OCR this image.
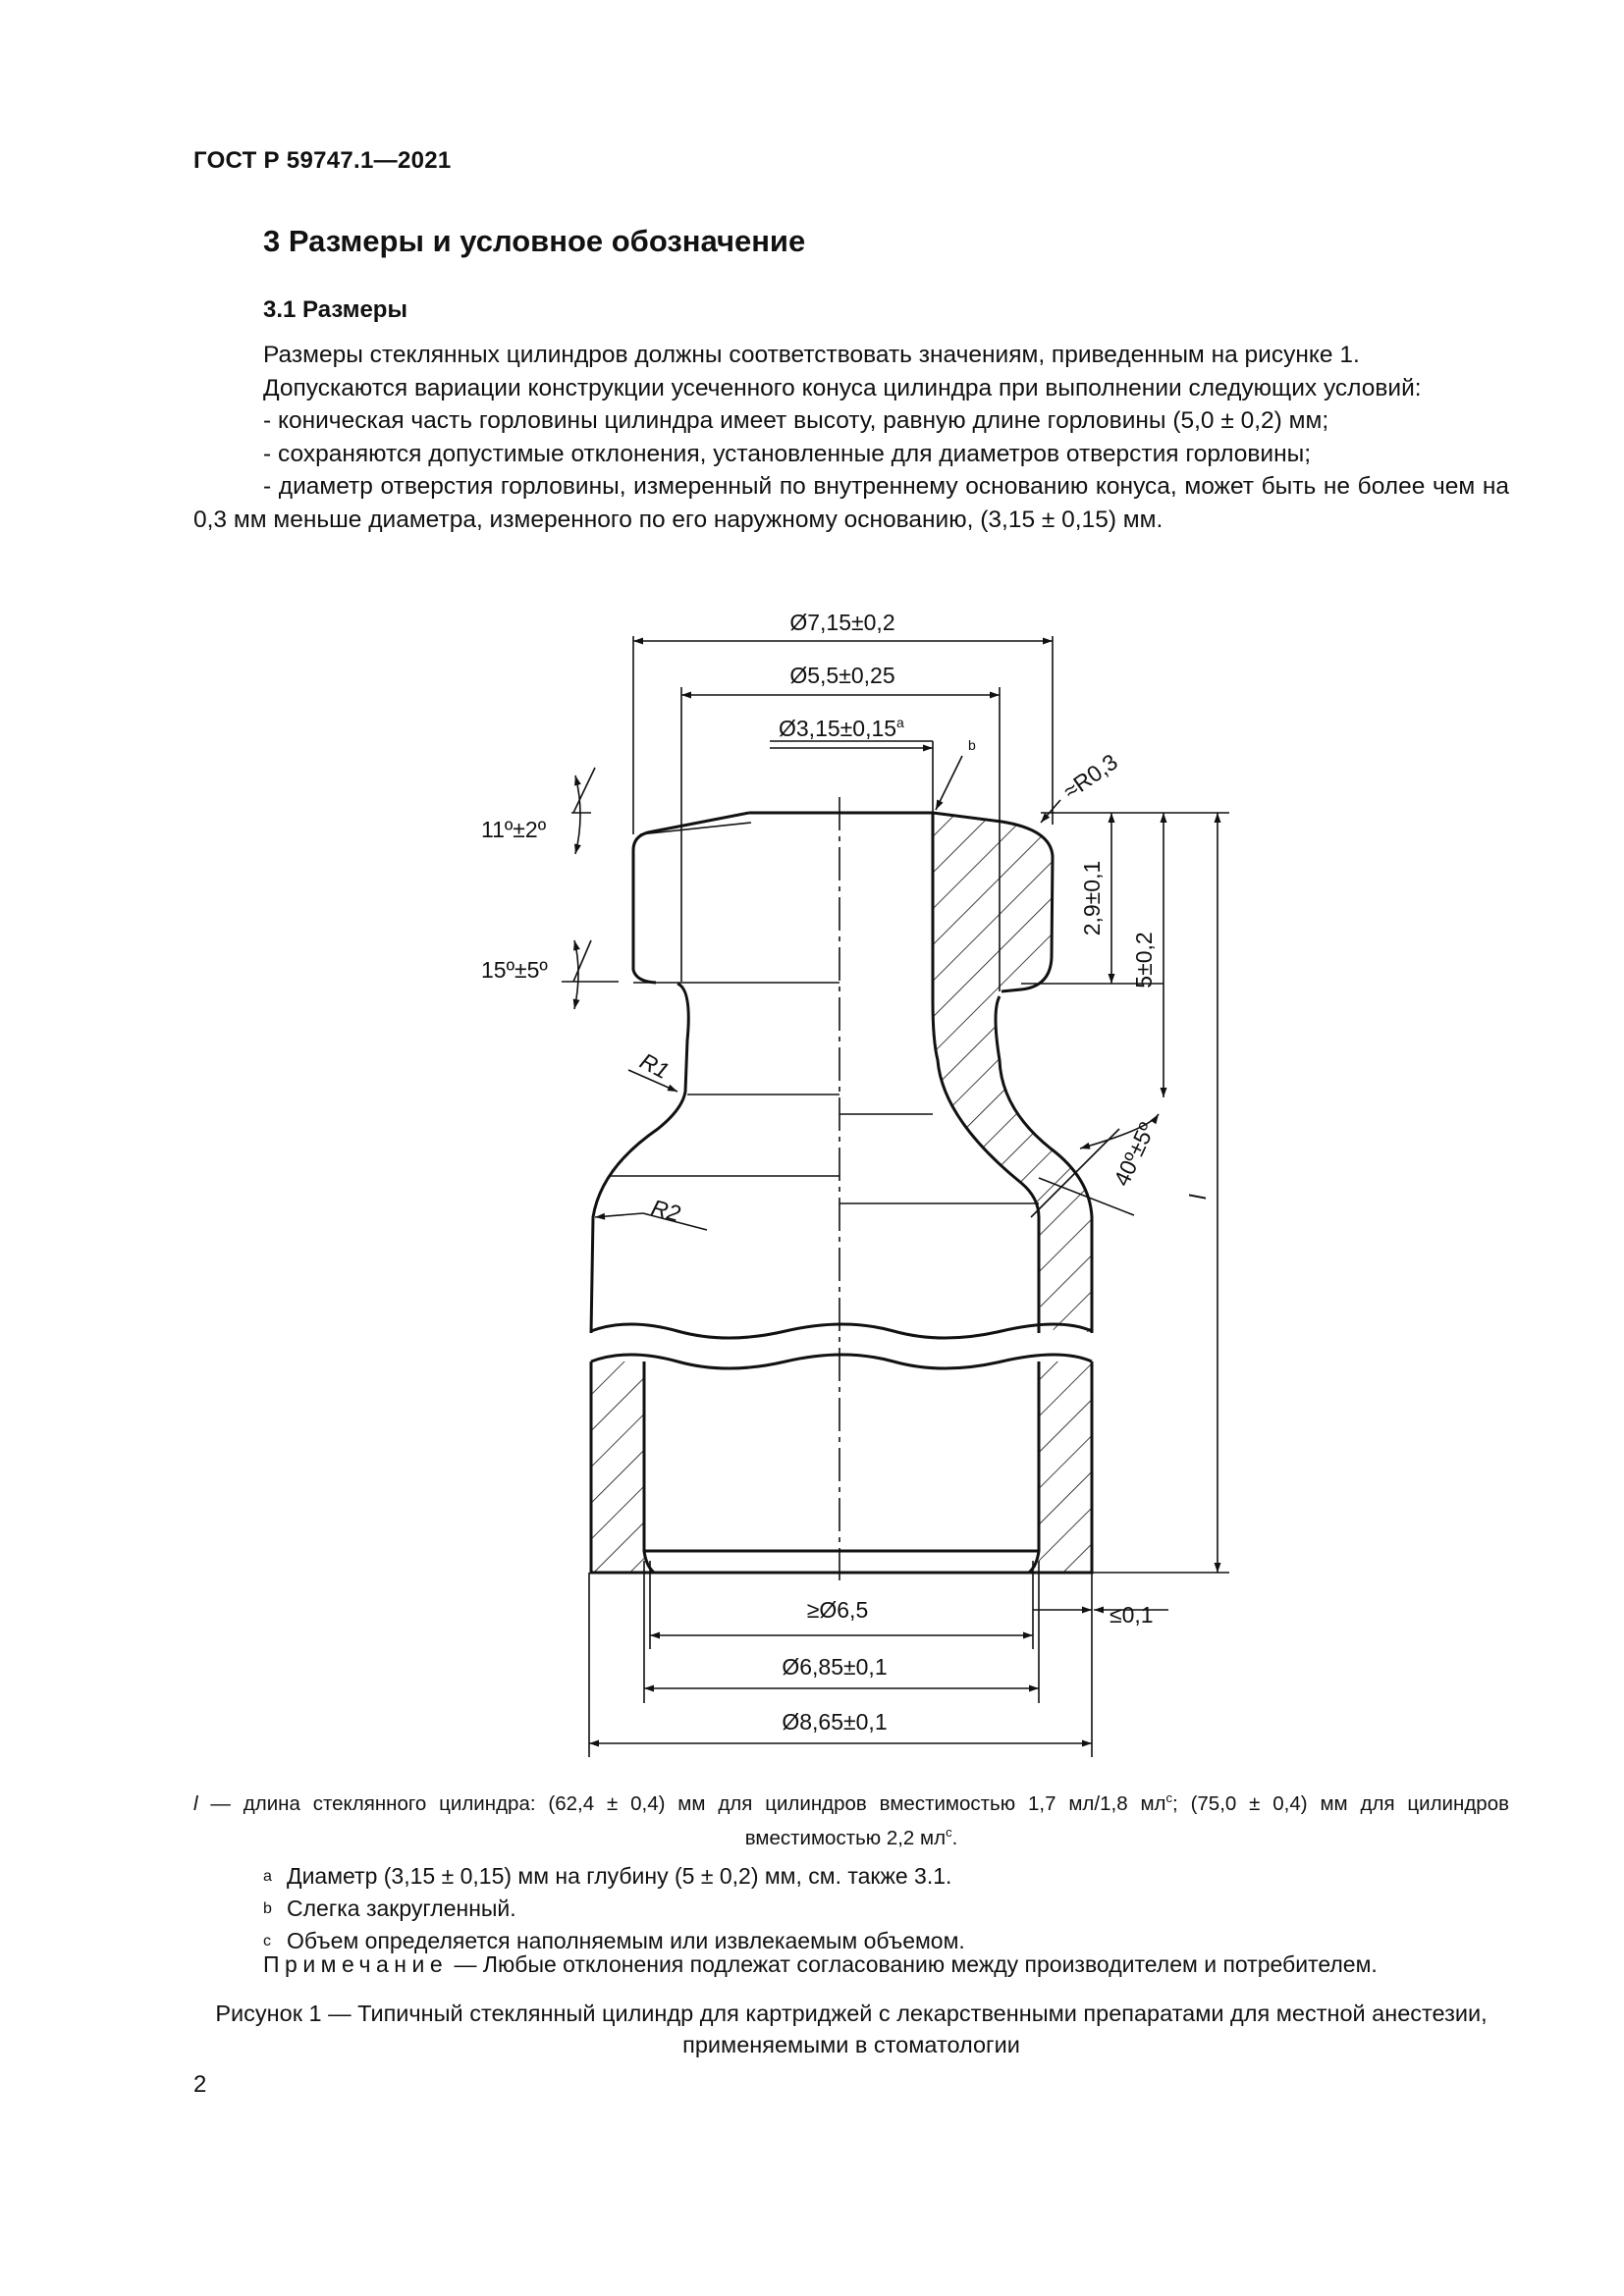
ГОСТ Р 59747.1—2021
3 Размеры и условное обозначение
3.1 Размеры

Размеры стеклянных цилиндров должны соответствовать значениям, приведенным на рисунке 1.

Допускаются вариации конструкции усеченного конуса цилиндра при выполнении следующих условий:

- коническая часть горловины цилиндра имеет высоту, равную длине горловины (5,0 ± 0,2) мм;

- сохраняются допустимые отклонения, установленные для диаметров отверстия горловины;

- диаметр отверстия горловины, измеренный по внутреннему основанию конуса, может быть не более чем на 0,3 мм меньше диаметра, измеренного по его наружному основанию, (3,15 ± 0,15) мм.

Ø7,15±0,2
Ø5,5±0,25
Ø3,15±0,15$^a$
b
≈R0,3
11º±2º
15º±5º
2,9±0,1
5±0,2
R1
R2
40º±5º
l
≥Ø6,5	≤0,1
Ø6,85±0,1
Ø8,65±0,1
l — длина стеклянного цилиндра: (62,4 ± 0,4) мм для цилиндров вместимостью 1,7 мл/1,8 $мл^c$; (75,0 ± 0,4) мм для цилиндров вместимостью 2,2 $мл^c$.
a Диаметр (3,15 ± 0,15) мм на глубину (5 ± 0,2) мм, см. также 3.1.
b Слегка закругленный.
c Объем определяется наполняемым или извлекаемым объемом.
Примечание — Любые отклонения подлежат согласованию между производителем и потребителем.
Рисунок 1 — Типичный стеклянный цилиндр для картриджей с лекарственными препаратами для местной анестезии, применяемыми в стоматологии
2
